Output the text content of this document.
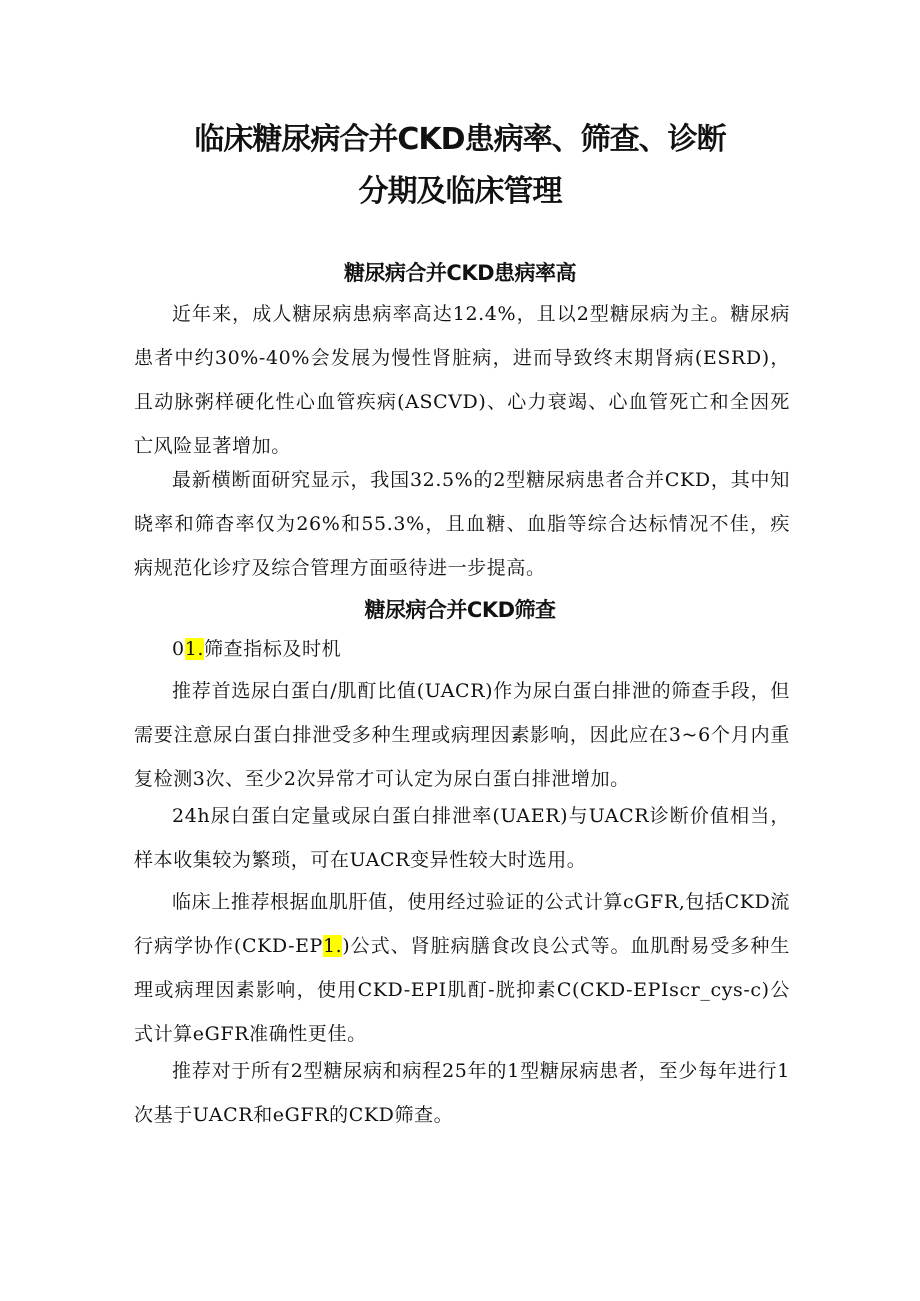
临床糖尿病合并CKD患病率、筛查、诊断
分期及临床管理
糖尿病合并CKD患病率高

近年来，成人糖尿病患病率高达12.4%，且以2型糖尿病为主。糖尿病患者中约30%-40%会发展为慢性肾脏病，进而导致终末期肾病(ESRD)，且动脉粥样硬化性心血管疾病(ASCVD)、心力衰竭、心血管死亡和全因死亡风险显著增加。

最新横断面研究显示，我国32.5%的2型糖尿病患者合并CKD，其中知晓率和筛杳率仅为26%和55.3%，且血糖、血脂等综合达标情况不佳，疾病规范化诊疗及综合管理方面亟待进一步提高。

糖尿病合并CKD筛查

01.筛查指标及时机

推荐首选尿白蛋白/肌酊比值(UACR)作为尿白蛋白排泄的筛查手段，但需要注意尿白蛋白排泄受多种生理或病理因素影响，因此应在3~6个月内重复检测3次、至少2次异常才可认定为尿白蛋白排泄增加。

24h尿白蛋白定量或尿白蛋白排泄率(UAER)与UACR诊断价值相当，样本收集较为繁琐，可在UACR变异性较大时选用。

临床上推荐根据血肌肝值，使用经过验证的公式计算cGFR,包括CKD流行病学协作(CKD-EP1.)公式、肾脏病膳食改良公式等。血肌酎易受多种生理或病理因素影响，使用CKD-EPI肌酊-胱抑素C(CKD-EPIscr_cys-c)公式计算eGFR准确性更佳。

推荐对于所有2型糖尿病和病程25年的1型糖尿病患者，至少每年进行1次基于UACR和eGFR的CKD筛查。
